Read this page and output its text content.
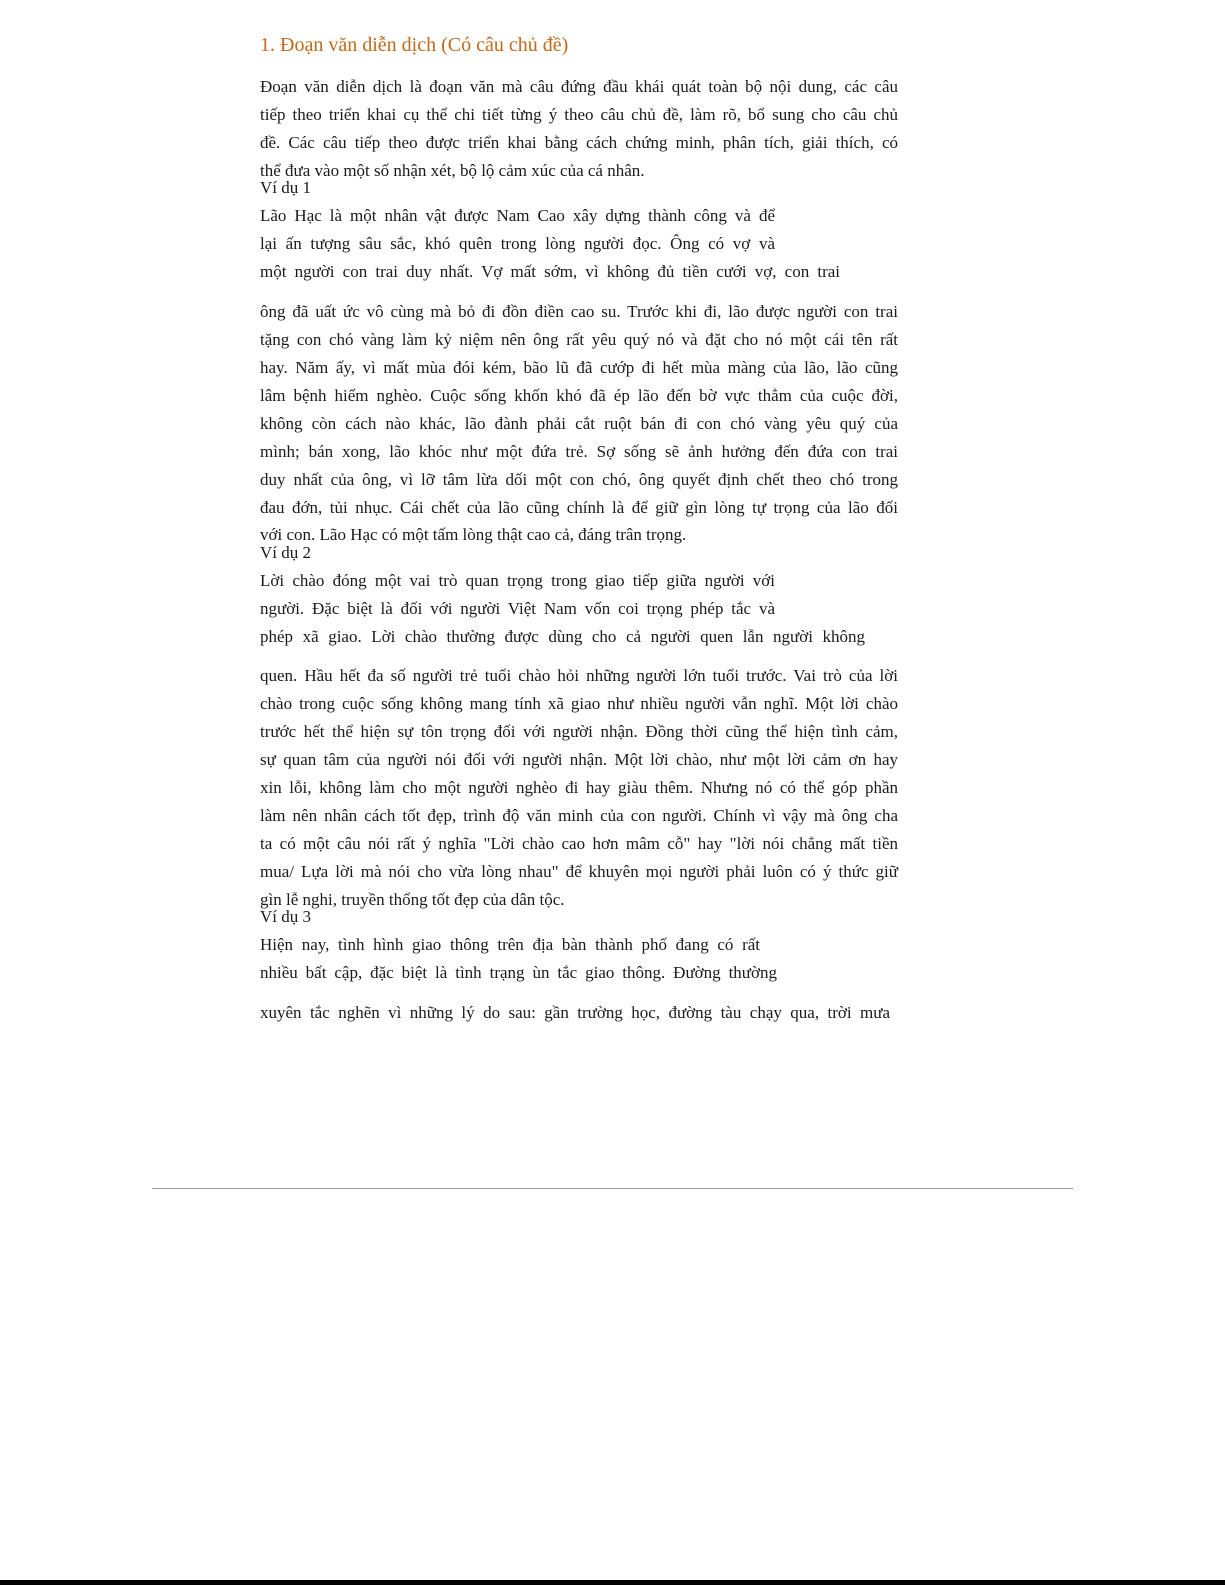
1. Đoạn văn diễn dịch (Có câu chủ đề)
Đoạn văn diễn dịch là đoạn văn mà câu đứng đầu khái quát toàn bộ nội dung, các câu
tiếp theo triển khai cụ thể chi tiết từng ý theo câu chủ đề, làm rõ, bổ sung cho câu chủ
đề. Các câu tiếp theo được triển khai bằng cách chứng minh, phân tích, giải thích, có
thể đưa vào một số nhận xét, bộ lộ cảm xúc của cá nhân.
Ví dụ 1
Lão Hạc là một nhân vật được Nam Cao xây dựng thành công và để
lại ấn tượng sâu sắc, khó quên trong lòng người đọc. Ông có vợ và
một người con trai duy nhất. Vợ mất sớm, vì không đủ tiền cưới vợ, con trai
ông đã uất ức vô cùng mà bỏ đi đồn điền cao su. Trước khi đi, lão được người con trai
tặng con chó vàng làm kỷ niệm nên ông rất yêu quý nó và đặt cho nó một cái tên rất
hay. Năm ấy, vì mất mùa đói kém, bão lũ đã cướp đi hết mùa màng của lão, lão cũng
lâm bệnh hiểm nghèo. Cuộc sống khốn khó đã ép lão đến bờ vực thẳm của cuộc đời,
không còn cách nào khác, lão đành phải cắt ruột bán đi con chó vàng yêu quý của
mình; bán xong, lão khóc như một đứa trẻ. Sợ sống sẽ ảnh hưởng đến đứa con trai
duy nhất của ông, vì lỡ tâm lừa dối một con chó, ông quyết định chết theo chó trong
đau đớn, tủi nhục. Cái chết của lão cũng chính là để giữ gìn lòng tự trọng của lão đối
với con. Lão Hạc có một tấm lòng thật cao cả, đáng trân trọng.
Ví dụ 2
Lời chào đóng một vai trò quan trọng trong giao tiếp giữa người với
người. Đặc biệt là đối với người Việt Nam vốn coi trọng phép tắc và
phép xã giao. Lời chào thường được dùng cho cả người quen lẫn người không
quen. Hầu hết đa số người trẻ tuổi chào hỏi những người lớn tuổi trước. Vai trò của lời
chào trong cuộc sống không mang tính xã giao như nhiều người vẫn nghĩ. Một lời chào
trước hết thể hiện sự tôn trọng đối với người nhận. Đồng thời cũng thể hiện tình cảm,
sự quan tâm của người nói đối với người nhận. Một lời chào, như một lời cảm ơn hay
xin lỗi, không làm cho một người nghèo đi hay giàu thêm. Nhưng nó có thể góp phần
làm nên nhân cách tốt đẹp, trình độ văn minh của con người. Chính vì vậy mà ông cha
ta có một câu nói rất ý nghĩa "Lời chào cao hơn mâm cỗ" hay "lời nói chẳng mất tiền
mua/ Lựa lời mà nói cho vừa lòng nhau" để khuyên mọi người phải luôn có ý thức giữ
gìn lễ nghi, truyền thống tốt đẹp của dân tộc.
Ví dụ 3
Hiện nay, tình hình giao thông trên địa bàn thành phố đang có rất
nhiều bất cập, đặc biệt là tình trạng ùn tắc giao thông. Đường thường
xuyên tắc nghẽn vì những lý do sau: gần trường học, đường tàu chạy qua, trời mưa
